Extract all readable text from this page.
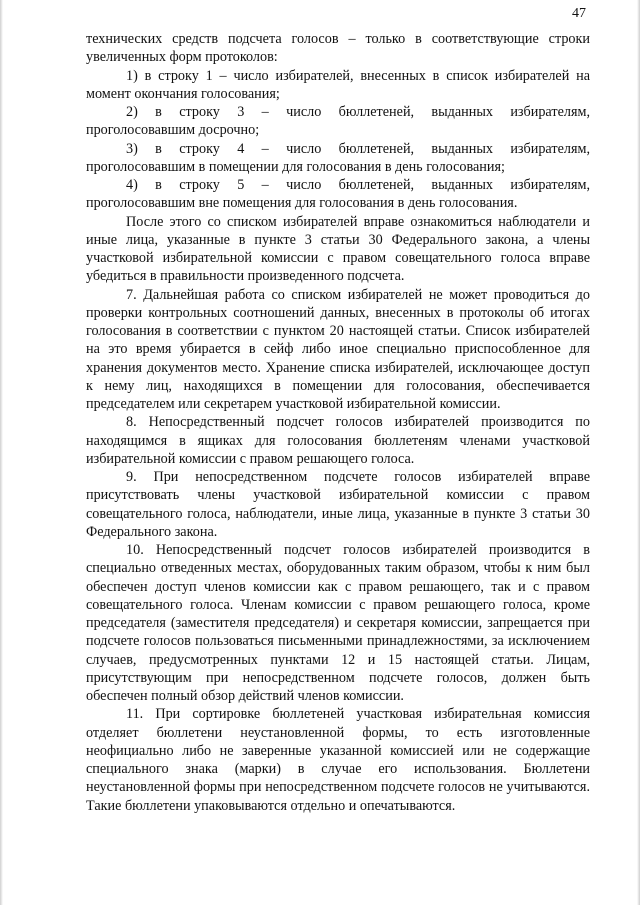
47

технических средств подсчета голосов – только в соответствующие строки увеличенных форм протоколов:

1) в строку 1 – число избирателей, внесенных в список избирателей на момент окончания голосования;

2) в строку 3 – число бюллетеней, выданных избирателям, проголосовавшим досрочно;

3) в строку 4 – число бюллетеней, выданных избирателям, проголосовавшим в помещении для голосования в день голосования;

4) в строку 5 – число бюллетеней, выданных избирателям, проголосовавшим вне помещения для голосования в день голосования.

После этого со списком избирателей вправе ознакомиться наблюдатели и иные лица, указанные в пункте 3 статьи 30 Федерального закона, а члены участковой избирательной комиссии с правом совещательного голоса вправе убедиться в правильности произведенного подсчета.

7. Дальнейшая работа со списком избирателей не может проводиться до проверки контрольных соотношений данных, внесенных в протоколы об итогах голосования в соответствии с пунктом 20 настоящей статьи. Список избирателей на это время убирается в сейф либо иное специально приспособленное для хранения документов место. Хранение списка избирателей, исключающее доступ к нему лиц, находящихся в помещении для голосования, обеспечивается председателем или секретарем участковой избирательной комиссии.

8. Непосредственный подсчет голосов избирателей производится по находящимся в ящиках для голосования бюллетеням членами участковой избирательной комиссии с правом решающего голоса.

9. При непосредственном подсчете голосов избирателей вправе присутствовать члены участковой избирательной комиссии с правом совещательного голоса, наблюдатели, иные лица, указанные в пункте 3 статьи 30 Федерального закона.

10. Непосредственный подсчет голосов избирателей производится в специально отведенных местах, оборудованных таким образом, чтобы к ним был обеспечен доступ членов комиссии как с правом решающего, так и с правом совещательного голоса. Членам комиссии с правом решающего голоса, кроме председателя (заместителя председателя) и секретаря комиссии, запрещается при подсчете голосов пользоваться письменными принадлежностями, за исключением случаев, предусмотренных пунктами 12 и 15 настоящей статьи. Лицам, присутствующим при непосредственном подсчете голосов, должен быть обеспечен полный обзор действий членов комиссии.

11. При сортировке бюллетеней участковая избирательная комиссия отделяет бюллетени неустановленной формы, то есть изготовленные неофициально либо не заверенные указанной комиссией или не содержащие специального знака (марки) в случае его использования. Бюллетени неустановленной формы при непосредственном подсчете голосов не учитываются. Такие бюллетени упаковываются отдельно и опечатываются.
